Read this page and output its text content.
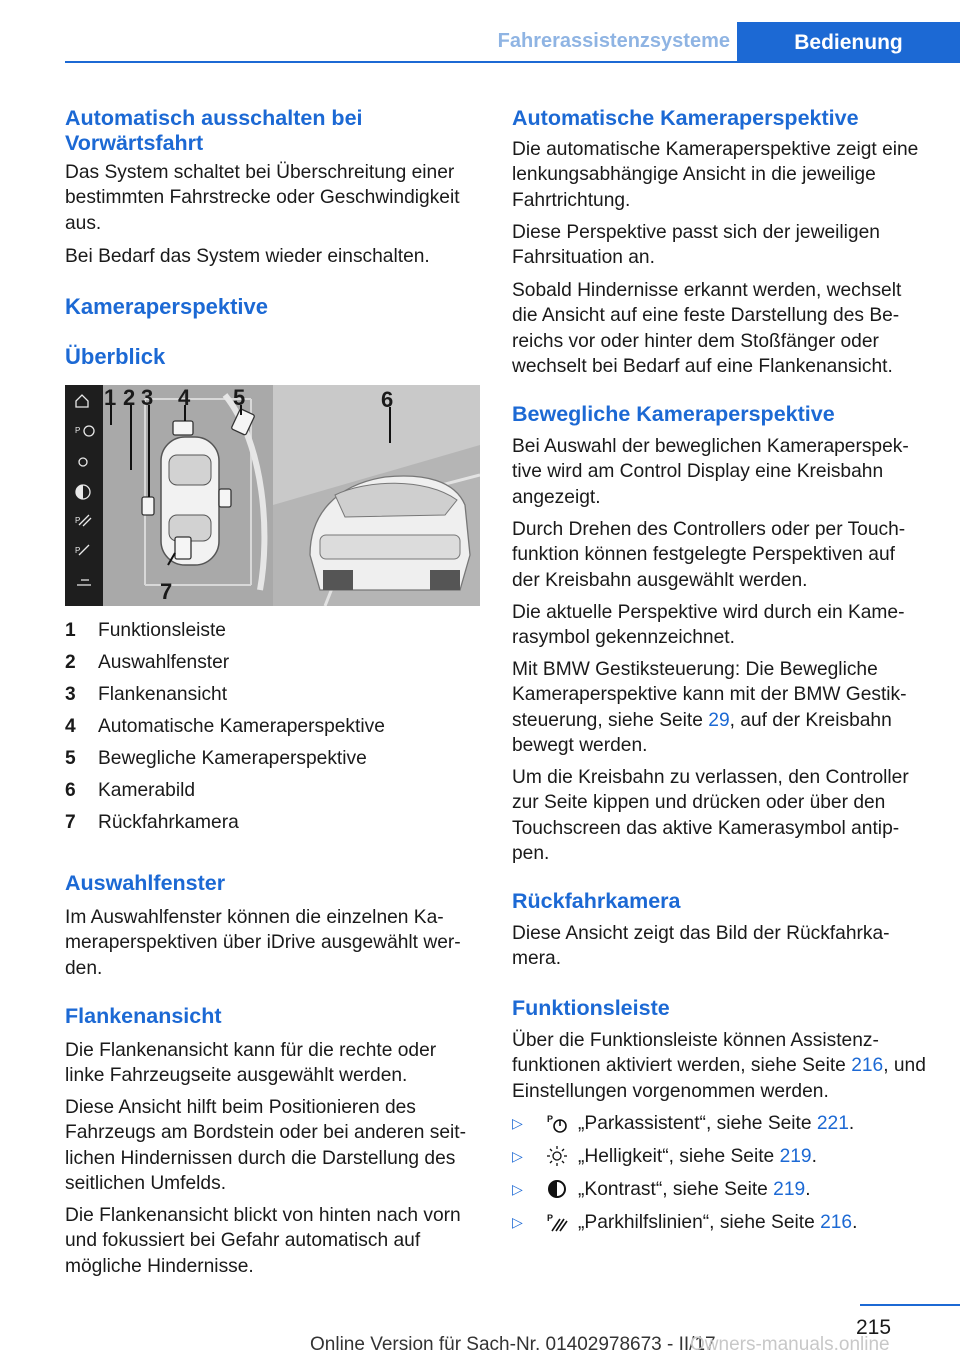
Fahrerassistenzsysteme	Bedienung
Automatisch ausschalten bei Vorwärtsfahrt
Das System schaltet bei Überschreitung einer bestimmten Fahrstrecke oder Geschwindigkeit aus.
Bei Bedarf das System wieder einschalten.
Kameraperspektive
Überblick
P
P
P
1 2 3 4 5	6
7
1 Funktionsleiste
2 Auswahlfenster
3 Flankenansicht
4 Automatische Kameraperspektive
5 Bewegliche Kameraperspektive
6 Kamerabild
7 Rückfahrkamera
Auswahlfenster
Im Auswahlfenster können die einzelnen Kameraperspektiven über iDrive ausgewählt werden.
Flankenansicht
Die Flankenansicht kann für die rechte oder linke Fahrzeugseite ausgewählt werden.
Diese Ansicht hilft beim Positionieren des Fahrzeugs am Bordstein oder bei anderen seitlichen Hindernissen durch die Darstellung des seitlichen Umfelds.
Die Flankenansicht blickt von hinten nach vorn und fokussiert bei Gefahr automatisch auf mögliche Hindernisse.
Automatische Kameraperspektive
Die automatische Kameraperspektive zeigt eine lenkungsabhängige Ansicht in die jeweilige Fahrtrichtung.
Diese Perspektive passt sich der jeweiligen Fahrsituation an.
Sobald Hindernisse erkannt werden, wechselt die Ansicht auf eine feste Darstellung des Bereichs vor oder hinter dem Stoßfänger oder wechselt bei Bedarf auf eine Flankenansicht.
Bewegliche Kameraperspektive
Bei Auswahl der beweglichen Kameraperspektive wird am Control Display eine Kreisbahn angezeigt.
Durch Drehen des Controllers oder per Touchfunktion können festgelegte Perspektiven auf der Kreisbahn ausgewählt werden.
Die aktuelle Perspektive wird durch ein Kamerasymbol gekennzeichnet.
Mit BMW Gestiksteuerung: Die Bewegliche Kameraperspektive kann mit der BMW Gestiksteuerung, siehe Seite 29, auf der Kreisbahn bewegt werden.
Um die Kreisbahn zu verlassen, den Controller zur Seite kippen und drücken oder über den Touchscreen das aktive Kamerasymbol antippen.
Rückfahrkamera
Diese Ansicht zeigt das Bild der Rückfahrkamera.
Funktionsleiste
Über die Funktionsleiste können Assistenzfunktionen aktiviert werden, siehe Seite 216, und Einstellungen vorgenommen werden.
▷	P „Parkassistent“, siehe Seite 221.
▷	„Helligkeit“, siehe Seite 219.
▷	„Kontrast“, siehe Seite 219.
▷	P „Parkhilfslinien“, siehe Seite 216.
215
Online Version für Sach-Nr. 01402978673 - II/17
Owners-manuals.online
